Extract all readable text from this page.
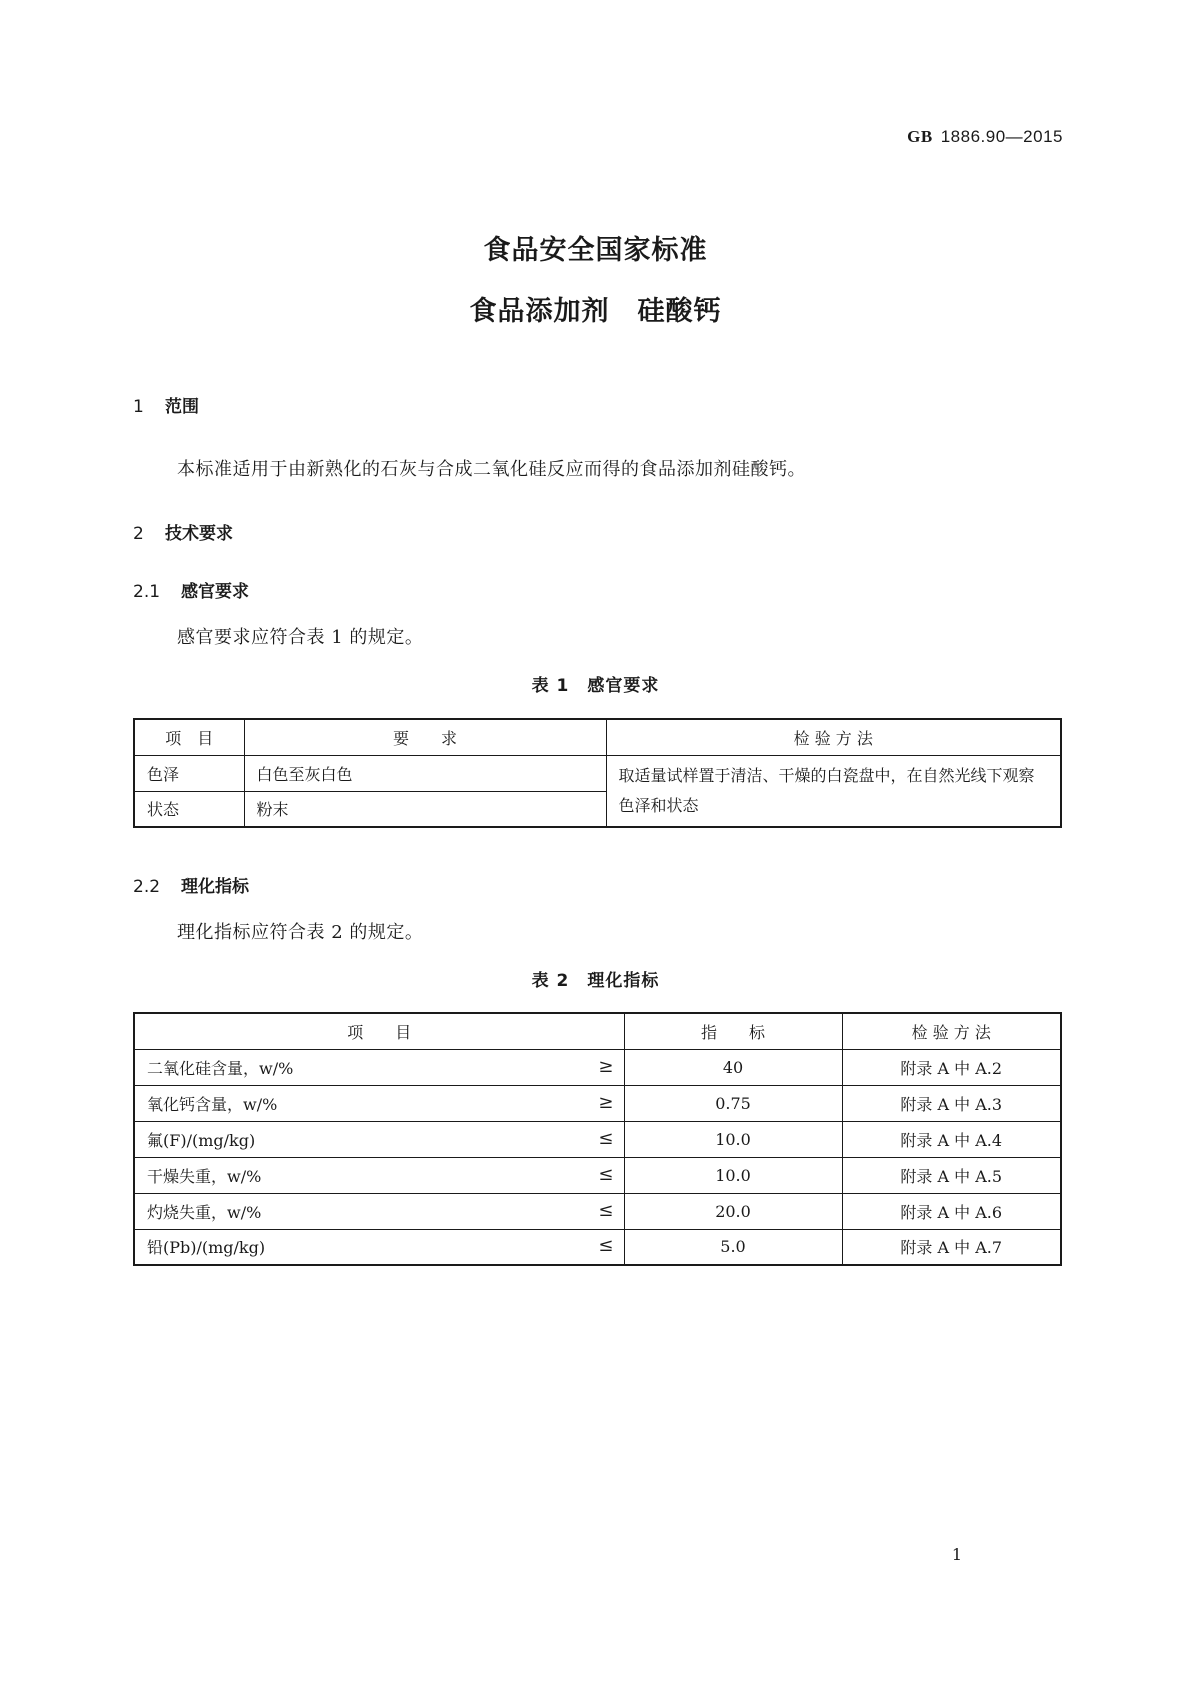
GB 1886.90—2015
食品安全国家标准
食品添加剂　硅酸钙
1 范围
本标准适用于由新熟化的石灰与合成二氧化硅反应而得的食品添加剂硅酸钙。
2 技术要求
2.1 感官要求
感官要求应符合表 1 的规定。
表 1　感官要求
项　目	要　　求	检 验 方 法
色泽	白色至灰白色	取适量试样置于清洁、干燥的白瓷盘中，在自然光线下观察色泽和状态
状态	粉末	
2.2 理化指标
理化指标应符合表 2 的规定。
表 2　理化指标
项　　目	指　　标	检 验 方 法
二氧化硅含量，w/% ≥	40	附录 A 中 A.2
氧化钙含量，w/% ≥	0.75	附录 A 中 A.3
氟(F)/(mg/kg) ≤	10.0	附录 A 中 A.4
干燥失重，w/% ≤	10.0	附录 A 中 A.5
灼烧失重，w/% ≤	20.0	附录 A 中 A.6
铅(Pb)/(mg/kg) ≤	5.0	附录 A 中 A.7
1
